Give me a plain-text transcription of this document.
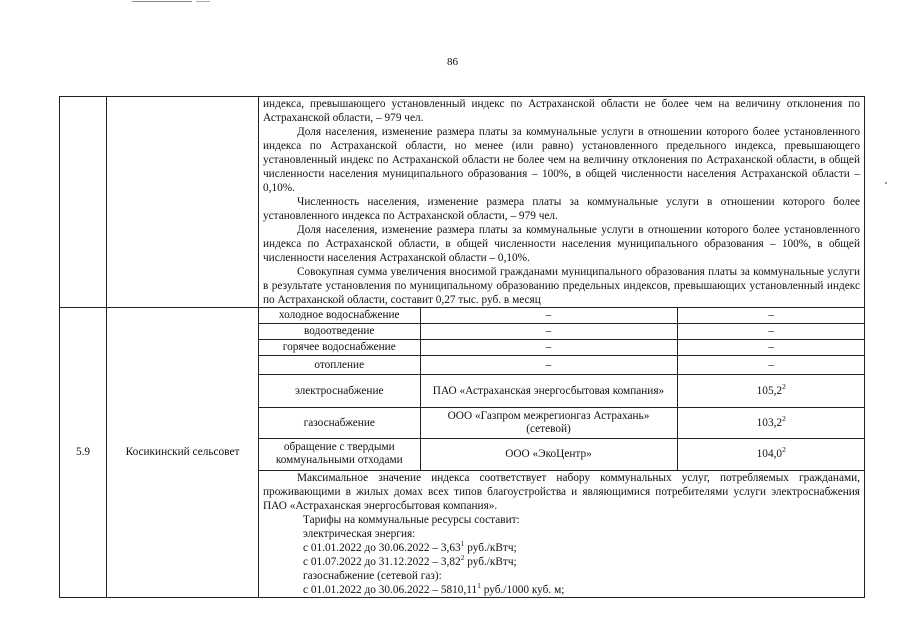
86

индекса, превышающего установленный индекс по Астраханской области не более чем на величину отклонения по Астраханской области, – 979 чел.

Доля населения, изменение размера платы за коммунальные услуги в отношении которого более установленного индекса по Астраханской области, но менее (или равно) установленного предельного индекса, превышающего установленный индекс по Астраханской области не более чем на величину отклонения по Астраханской области, в общей численности населения муниципального образования – 100%, в общей численности населения Астраханской области – 0,10%.

Численность населения, изменение размера платы за коммунальные услуги в отношении которого более установленного индекса по Астраханской области, – 979 чел.

Доля населения, изменение размера платы за коммунальные услуги в отношении которого более установленного индекса по Астраханской области, в общей численности населения муниципального образования – 100%, в общей численности населения Астраханской области – 0,10%.

Совокупная сумма увеличения вносимой гражданами муниципального образования платы за коммунальные услуги в результате установления по муниципальному образованию предельных индексов, превышающих установленный индекс по Астраханской области, составит 0,27 тыс. руб. в месяц

5.9	Косикинский сельсовет	
холодное водоснабжение	–	–
водоотведение	–	–
горячее водоснабжение	–	–
отопление	–	–
электроснабжение	ПАО «Астраханская энергосбытовая компания»	105,2$^2$
газоснабжение	ООО «Газпром межрегионгаз Астрахань» (сетевой)	103,2$^2$
обращение с твердыми коммунальными отходами	ООО «ЭкоЦентр»	104,0$^2$

Максимальное значение индекса соответствует набору коммунальных услуг, потребляемых гражданами, проживающими в жилых домах всех типов благоустройства и являющимися потребителями услуги электроснабжения ПАО «Астраханская энергосбытовая компания».

Тарифы на коммунальные ресурсы составит:
электрическая энергия:
с 01.01.2022 до 30.06.2022 – 3,63$^1$ руб./кВтч;
с 01.07.2022 до 31.12.2022 – 3,82$^2$ руб./кВтч;
газоснабжение (сетевой газ):
с 01.01.2022 до 30.06.2022 – 5810,11$^1$ руб./1000 куб. м;
